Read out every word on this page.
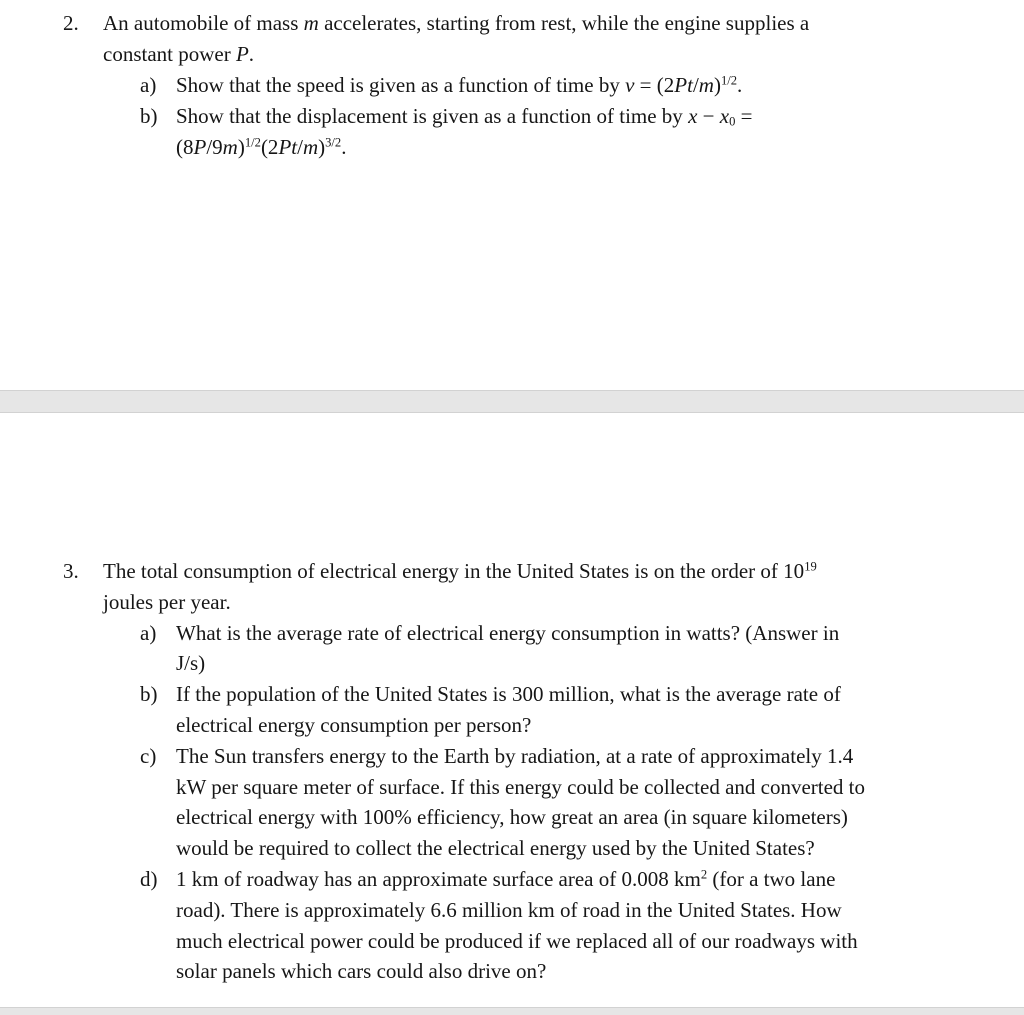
2.	An automobile of mass m accelerates, starting from rest, while the engine supplies a
constant power P.
a) Show that the speed is given as a function of time by $v = (2Pt/m)^{1/2}$.
b) Show that the displacement is given as a function of time by $x - x_0$ =
$(8P/9m)^{1/2}(2Pt/m)^{3/2}$.
3.	The total consumption of electrical energy in the United States is on the order of $10^{19}$
joules per year.
a) What is the average rate of electrical energy consumption in watts? (Answer in
J/s)
b) If the population of the United States is 300 million, what is the average rate of
electrical energy consumption per person?
c) The Sun transfers energy to the Earth by radiation, at a rate of approximately 1.4
kW per square meter of surface. If this energy could be collected and converted to
electrical energy with 100% efficiency, how great an area (in square kilometers)
would be required to collect the electrical energy used by the United States?
d) 1 km of roadway has an approximate surface area of 0.008 $km^2$ (for a two lane
road). There is approximately 6.6 million km of road in the United States. How
much electrical power could be produced if we replaced all of our roadways with
solar panels which cars could also drive on?
